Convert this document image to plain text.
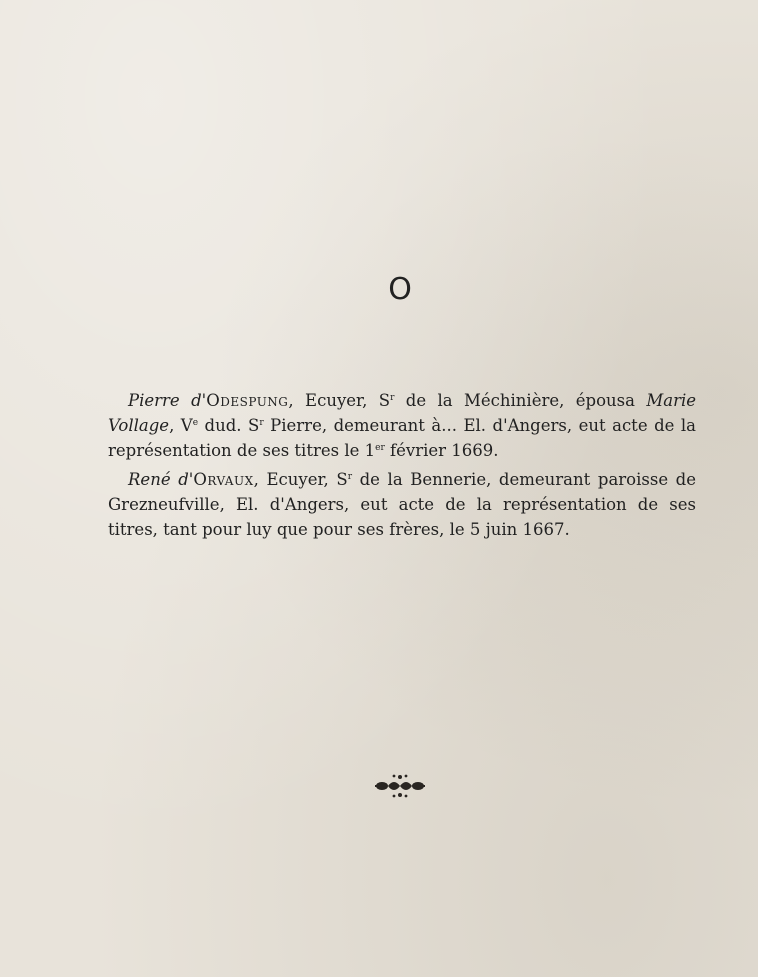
O

Pierre d'Odespung, Ecuyer, $S^r$ de la Méchinière, épousa Marie Vollage, Ve dud. $S^r$ Pierre, demeurant à... El. d'Angers, eut acte de la représentation de ses titres le 1er février 1669.

René d'Orvaux, Ecuyer, $S^r$ de la Bennerie, demeurant paroisse de Grezneufville, El. d'Angers, eut acte de la représentation de ses titres, tant pour luy que pour ses frères, le 5 juin 1667.
